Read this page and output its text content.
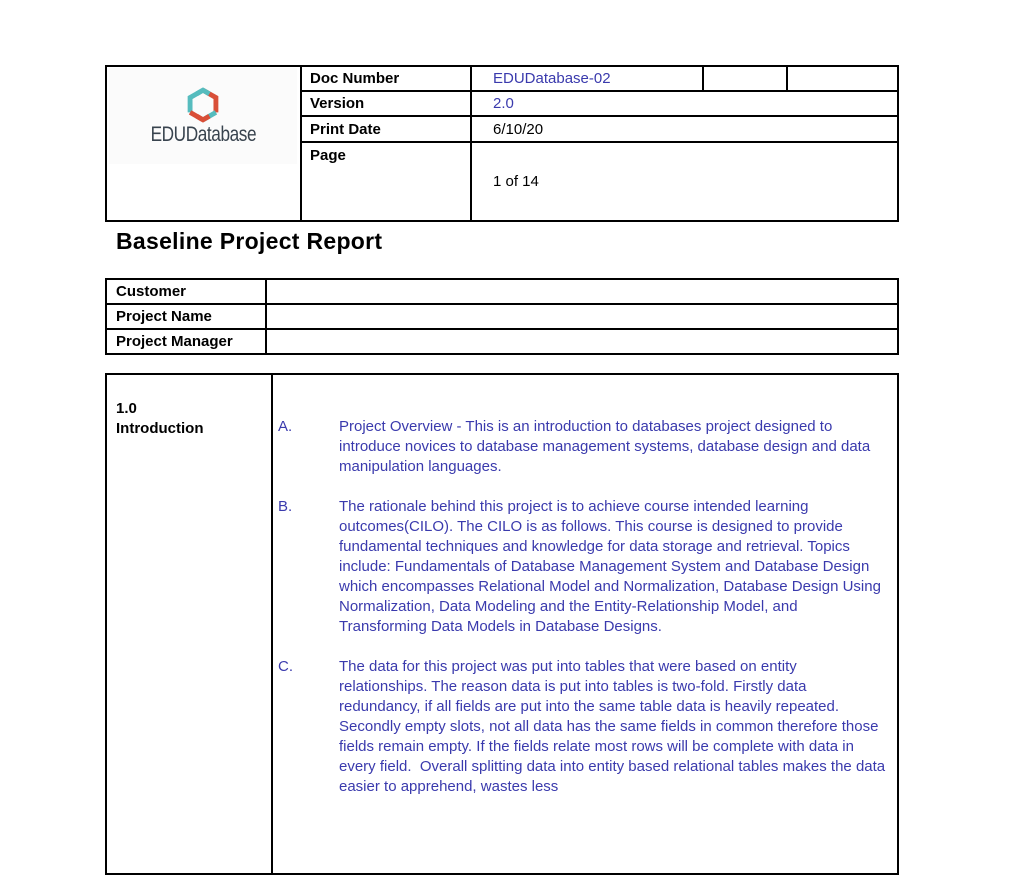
EDUDatabase	Doc Number	EDUDatabase-02		
	Version	2.0		
	Print Date	6/10/20		

	Page	1 of 14		
Baseline Project Report
Customer	
Project Name	
Project Manager	
1.0
Introduction	A.	Project Overview - This is an introduction to databases project designed to introduce novices to database management systems, database design and data manipulation languages.
B.	The rationale behind this project is to achieve course intended learning outcomes(CILO). The CILO is as follows. This course is designed to provide fundamental techniques and knowledge for data storage and retrieval. Topics include: Fundamentals of Database Management System and Database Design which encompasses Relational Model and Normalization, Database Design Using Normalization, Data Modeling and the Entity-Relationship Model, and Transforming Data Models in Database Designs.
C.	The data for this project was put into tables that were based on entity relationships. The reason data is put into tables is two-fold. Firstly data redundancy, if all fields are put into the same table data is heavily repeated. Secondly empty slots, not all data has the same fields in common therefore those fields remain empty. If the fields relate most rows will be complete with data in every field.  Overall splitting data into entity based relational tables makes the data easier to apprehend, wastes less
